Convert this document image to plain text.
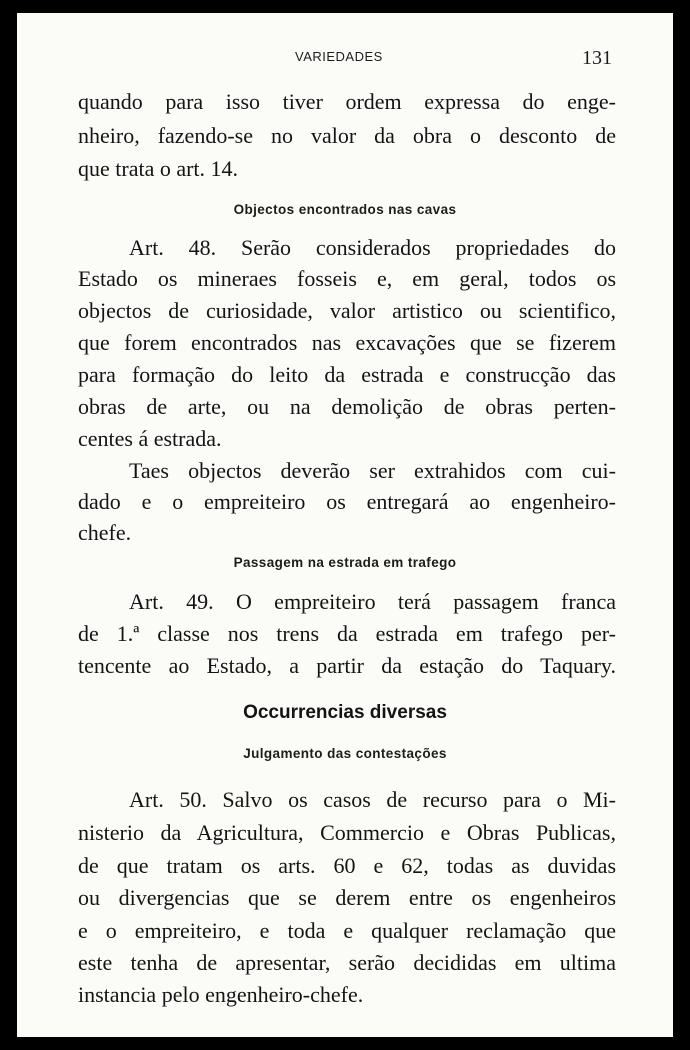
VARIEDADES	131
quando para isso tiver ordem expressa do enge-
nheiro, fazendo-se no valor da obra o desconto de
que trata o art. 14.
Objectos encontrados nas cavas
Art. 48. Serão considerados propriedades do
Estado os mineraes fosseis e, em geral, todos os
objectos de curiosidade, valor artistico ou scientifico,
que forem encontrados nas excavações que se fizerem
para formação do leito da estrada e construcção das
obras de arte, ou na demolição de obras perten-
centes á estrada.
Taes objectos deverão ser extrahidos com cui-
dado e o empreiteiro os entregará ao engenheiro-
chefe.
Passagem na estrada em trafego
Art. 49. O empreiteiro terá passagem franca
de 1.ª classe nos trens da estrada em trafego per-
tencente ao Estado, a partir da estação do Taquary.
Occurrencias diversas
Julgamento das contestações
Art. 50. Salvo os casos de recurso para o Mi-
nisterio da Agricultura, Commercio e Obras Publicas,
de que tratam os arts. 60 e 62, todas as duvidas
ou divergencias que se derem entre os engenheiros
e o empreiteiro, e toda e qualquer reclamação que
este tenha de apresentar, serão decididas em ultima
instancia pelo engenheiro-chefe.
